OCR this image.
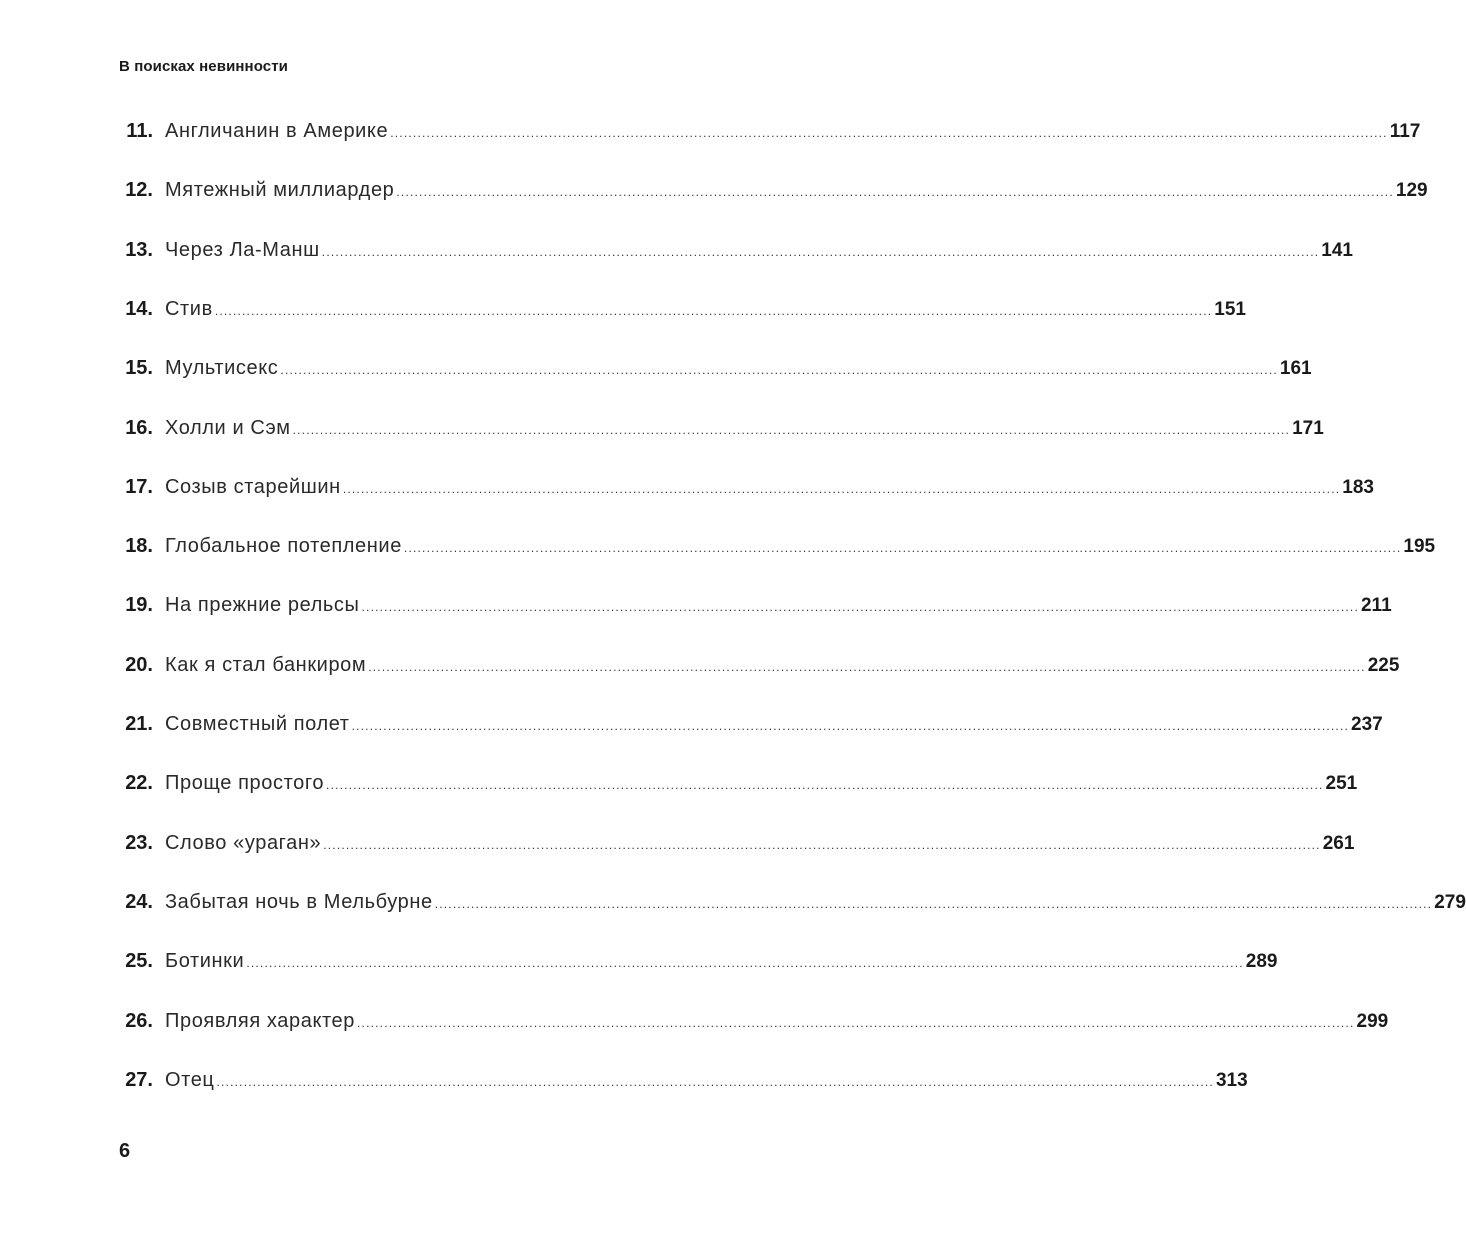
В поисках невинности
11. Англичанин в Америке ............................................................................................................................................................................................................................ 117
12. Мятежный миллиардер ............................................................................................................................................................................................................................ 129
13. Через Ла-Манш ............................................................................................................................................................................................................................ 141
14. Стив ............................................................................................................................................................................................................................ 151
15. Мультисекс ............................................................................................................................................................................................................................ 161
16. Холли и Сэм ............................................................................................................................................................................................................................ 171
17. Созыв старейшин ............................................................................................................................................................................................................................ 183
18. Глобальное потепление ............................................................................................................................................................................................................................ 195
19. На прежние рельсы ............................................................................................................................................................................................................................ 211
20. Как я стал банкиром ............................................................................................................................................................................................................................ 225
21. Совместный полет ............................................................................................................................................................................................................................ 237
22. Проще простого ............................................................................................................................................................................................................................ 251
23. Слово «ураган» ............................................................................................................................................................................................................................ 261
24. Забытая ночь в Мельбурне ............................................................................................................................................................................................................................ 279
25. Ботинки ............................................................................................................................................................................................................................ 289
26. Проявляя характер ............................................................................................................................................................................................................................ 299
27. Отец ............................................................................................................................................................................................................................ 313
6
